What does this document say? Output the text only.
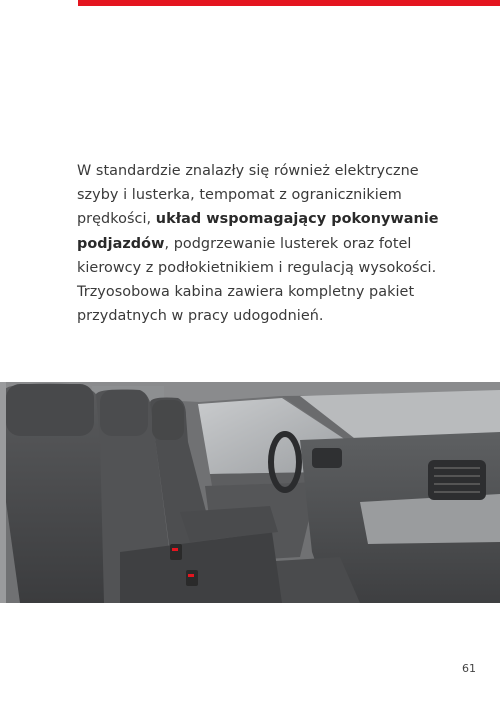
W standardzie znalazły się również elektryczne
szyby i lusterka, tempomat z ogranicznikiem
prędkości, układ wspomagający pokonywanie
podjazdów, podgrzewanie lusterek oraz fotel
kierowcy z podłokietnikiem i regulacją wysokości.
Trzyosobowa kabina zawiera kompletny pakiet
przydatnych w pracy udogodnień.
61
